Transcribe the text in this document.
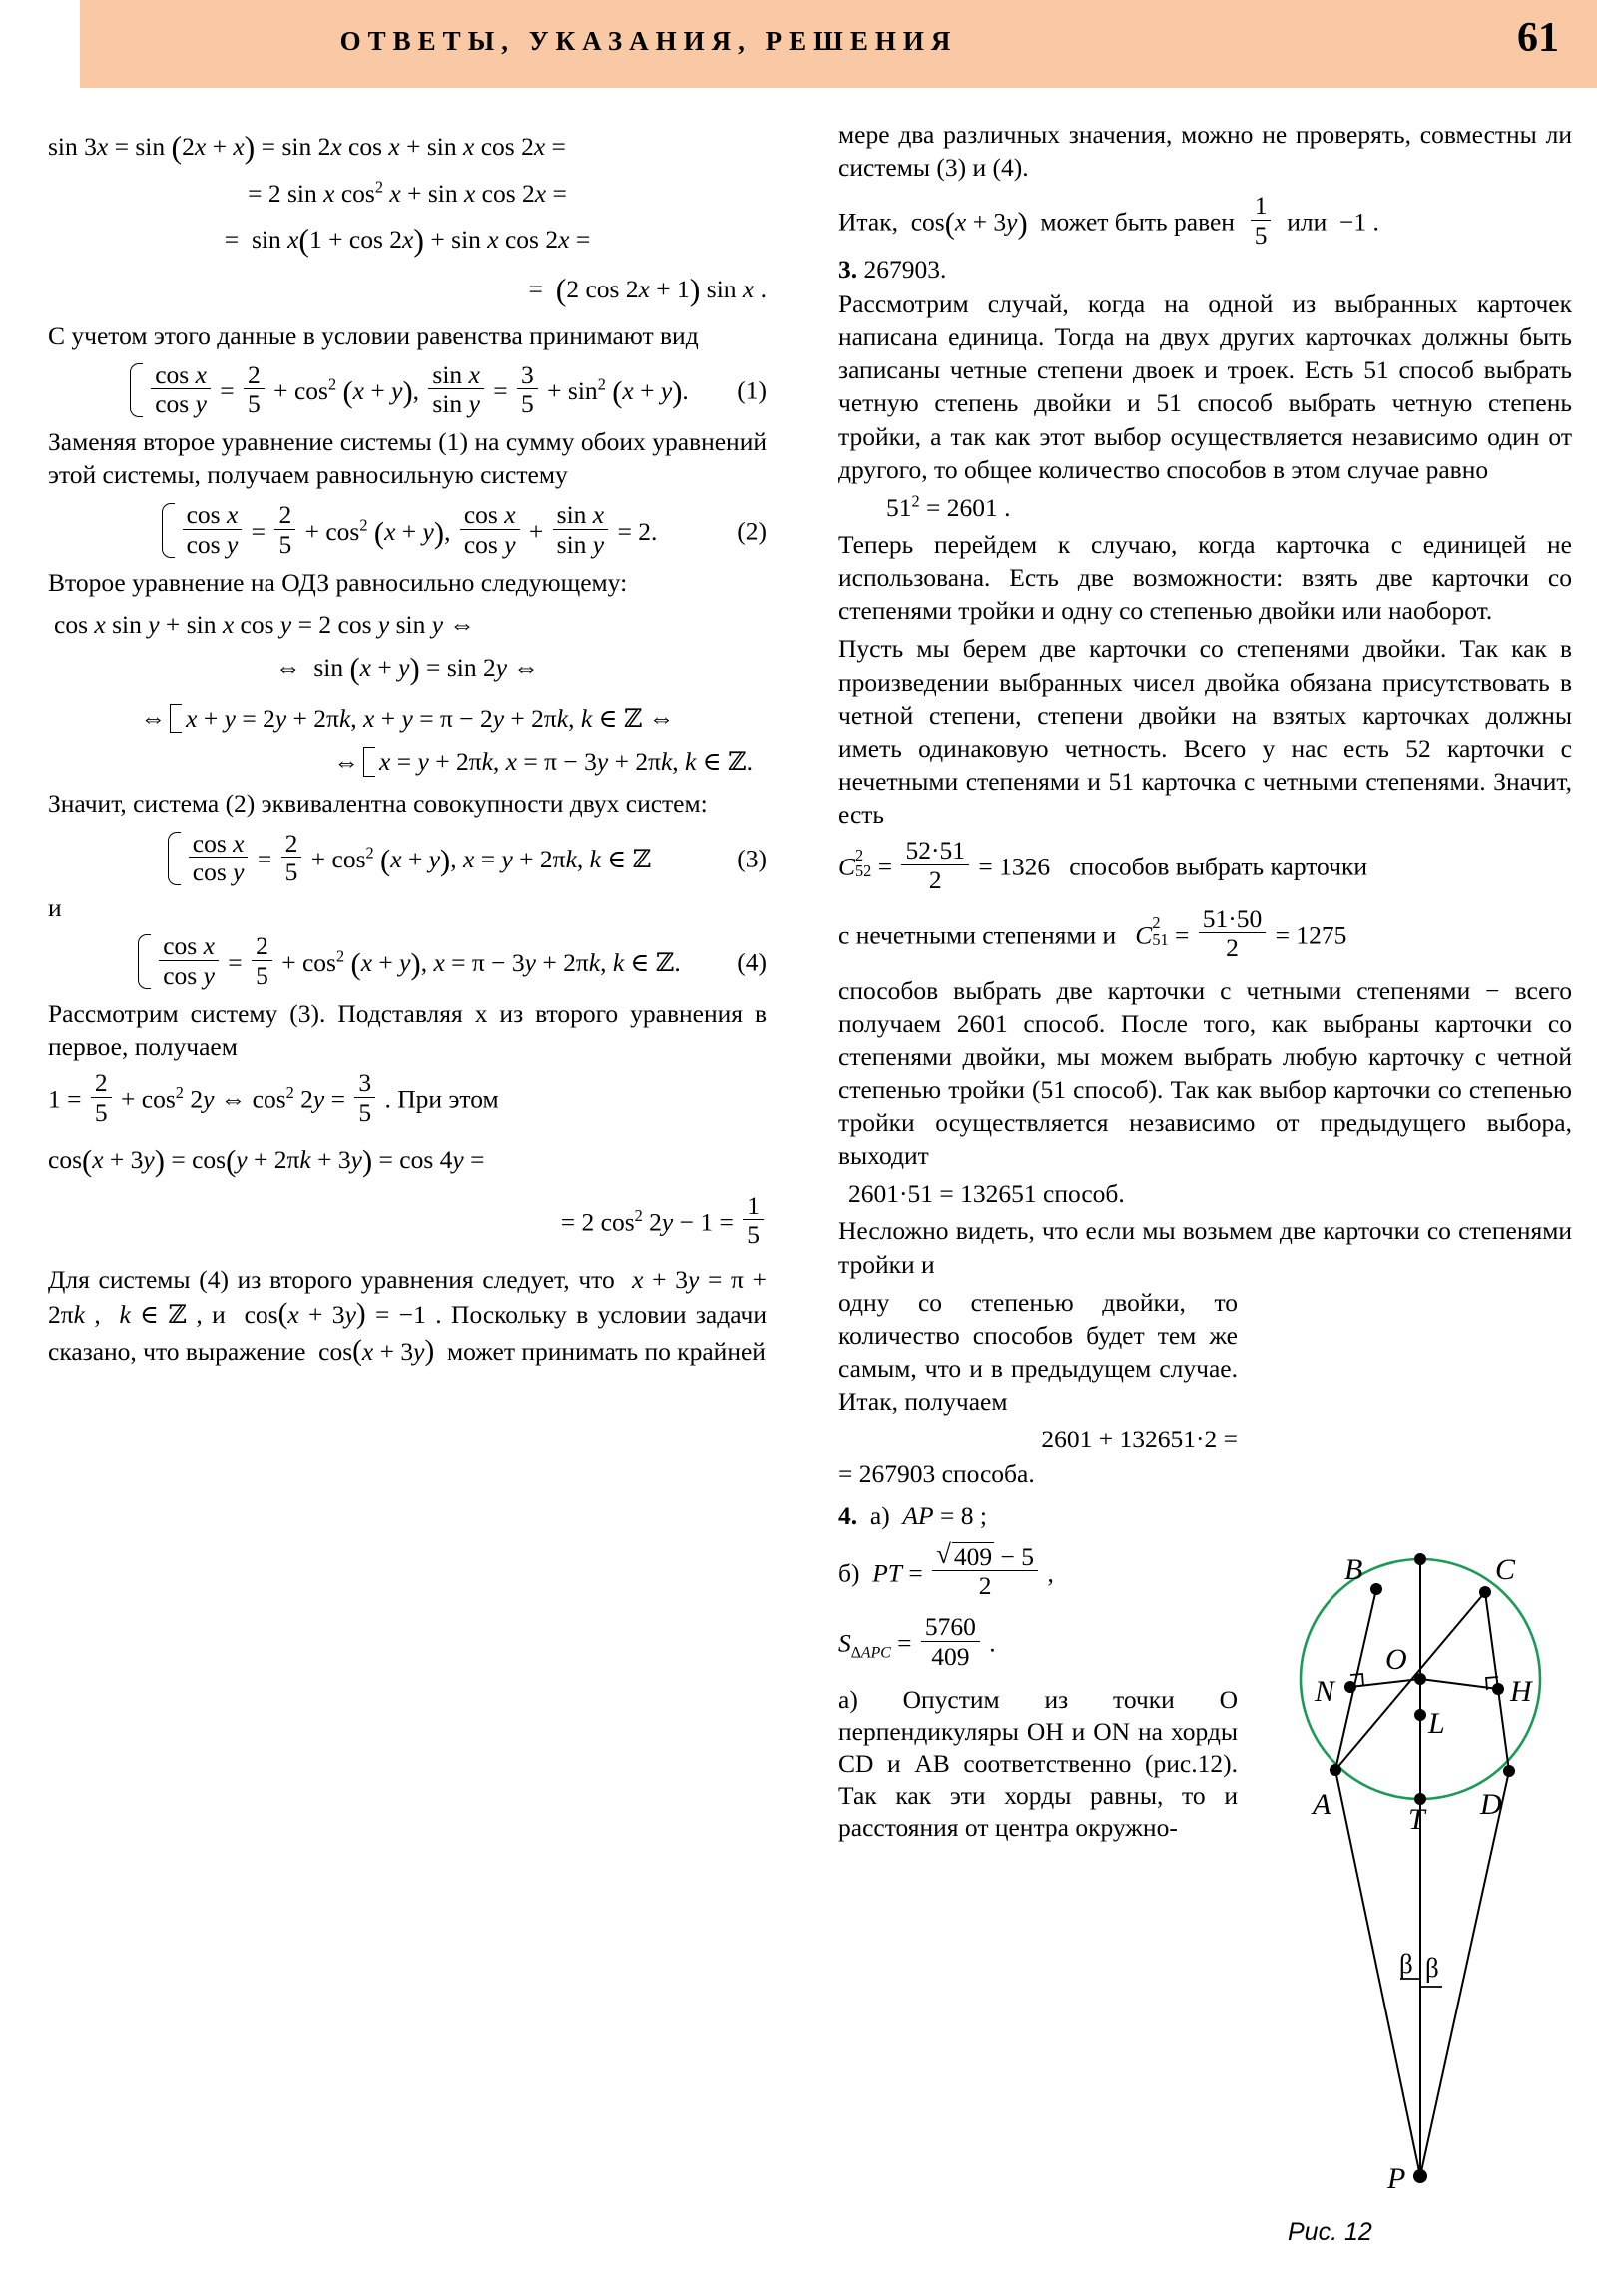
ОТВЕТЫ, УКАЗАНИЯ, РЕШЕНИЯ	61
sin 3x = sin (2x + x) = sin 2x cos x + sin x cos 2x =
= 2 sin x $\cos^2 x + \sin x$ cos 2x =
=  sin x(1 + cos 2x) + sin x cos 2x =
=  (2 cos 2x + 1) sin x .

С учетом этого данные в условии равенства принимают вид

$\frac{\text{cos x}}{\text{cos y}} = \frac{2}{5} + \cos^2 (x + y)$, $\frac{\text{sin x}}{\text{sin y}} = \frac{3}{5} + \sin^2 (x + y)$.	(1)

Заменяя второе уравнение системы (1) на сумму обоих уравнений этой системы, получаем равносильную систему

$\frac{\text{cos x}}{\text{cos y}} = \frac{2}{5} + \cos^2 (x + y)$, $\frac{\text{cos x}}{\text{cos y}} + \frac{\text{sin x}}{\text{sin y}} = 2$.	(2)

Второе уравнение на ОДЗ равносильно следующему:

cos x sin y + sin x cos y = 2 cos y sin y ⇔
⇔  sin (x + y) = sin 2y ⇔
⇔ x + y = 2y + 2πk, x + y = π − 2y + 2πk, k ∈ ℤ ⇔
⇔ x = y + 2πk, x = π − 3y + 2πk, k ∈ ℤ.

Значит, система (2) эквивалентна совокупности двух систем:

$\frac{\text{cos x}}{\text{cos y}} = \frac{2}{5} + \cos^2 (x + y)$, x = y + 2πk, k ∈ ℤ	(3)

и

$\frac{\text{cos x}}{\text{cos y}} = \frac{2}{5} + \cos^2 (x + y)$, x = π − 3y + 2πk, k ∈ ℤ.	(4)

Рассмотрим систему (3). Подставляя x из второго уравнения в первое, получаем

$1 = \frac{2}{5} + \cos^2 2y$ ⇔ $\cos^2 2y = \frac{3}{5}$ . При этом
cos(x + 3y) = cos(y + 2πk + 3y) = cos 4y =
= 2 $\cos^2 2y - 1 = \frac{1}{5}$

Для системы (4) из второго уравнения следует, что  x + 3y = π + 2πk ,  k ∈ ℤ , и  cos(x + 3y) = −1 . Поскольку в условии задачи сказано, что выражение  cos(x + 3y)  может принимать по крайней

мере два различных значения, можно не проверять, совместны ли системы (3) и (4).

Итак,  cos(x + 3y)  может быть равен $\frac{1}{5}$ или  −1 .

3. 267903.

Рассмотрим случай, когда на одной из выбранных карточек написана единица. Тогда на двух других карточках должны быть записаны четные степени двоек и троек. Есть 51 способ выбрать четную степень двойки и 51 способ выбрать четную степень тройки, а так как этот выбор осуществляется независимо один от другого, то общее количество способов в этом случае равно

$51^2 = 2601$ .

Теперь перейдем к случаю, когда карточка с единицей не использована. Есть две возможности: взять две карточки со степенями тройки и одну со степенью двойки или наоборот.

Пусть мы берем две карточки со степенями двойки. Так как в произведении выбранных чисел двойка обязана присутствовать в четной степени, степени двойки на взятых карточках должны иметь одинаковую четность. Всего у нас есть 52 карточки с нечетными степенями и 51 карточка с четными степенями. Значит, есть

C 2
$52 = \frac{52\cdot 51}{2} = 1326$   способов выбрать карточки
с нечетными степенями и C 2
$51 = \frac{51\cdot 50}{2} = 1275$

способов выбрать две карточки с четными степенями − всего получаем 2601 способ. После того, как выбраны карточки со степенями двойки, мы можем выбрать любую карточку с четной степенью тройки (51 способ). Так как выбор карточки со степенью тройки осуществляется независимо от предыдущего выбора, выходит

2601·51 = 132651 способ.

Несложно видеть, что если мы возьмем две карточки со степенями тройки и

одну со степенью двойки, то количество способов будет тем же самым, что и в предыдущем случае. Итак, получаем

2601 + 132651·2 =
= 267903 способа.

4.  а)  AP = 8 ;

б)  PT = √ $\frac{409 - 5}{2}$ ,
$S_{\Delta APC} = \frac{5760}{409}$ .

а) Опустим из точки O перпендикуляры OH и ON на хорды CD и AB соответственно (рис.12). Так как эти хорды равны, то и расстояния от центра окружно-

B	C
O
N	H
L
A	T D
P
β β
Рис. 12
